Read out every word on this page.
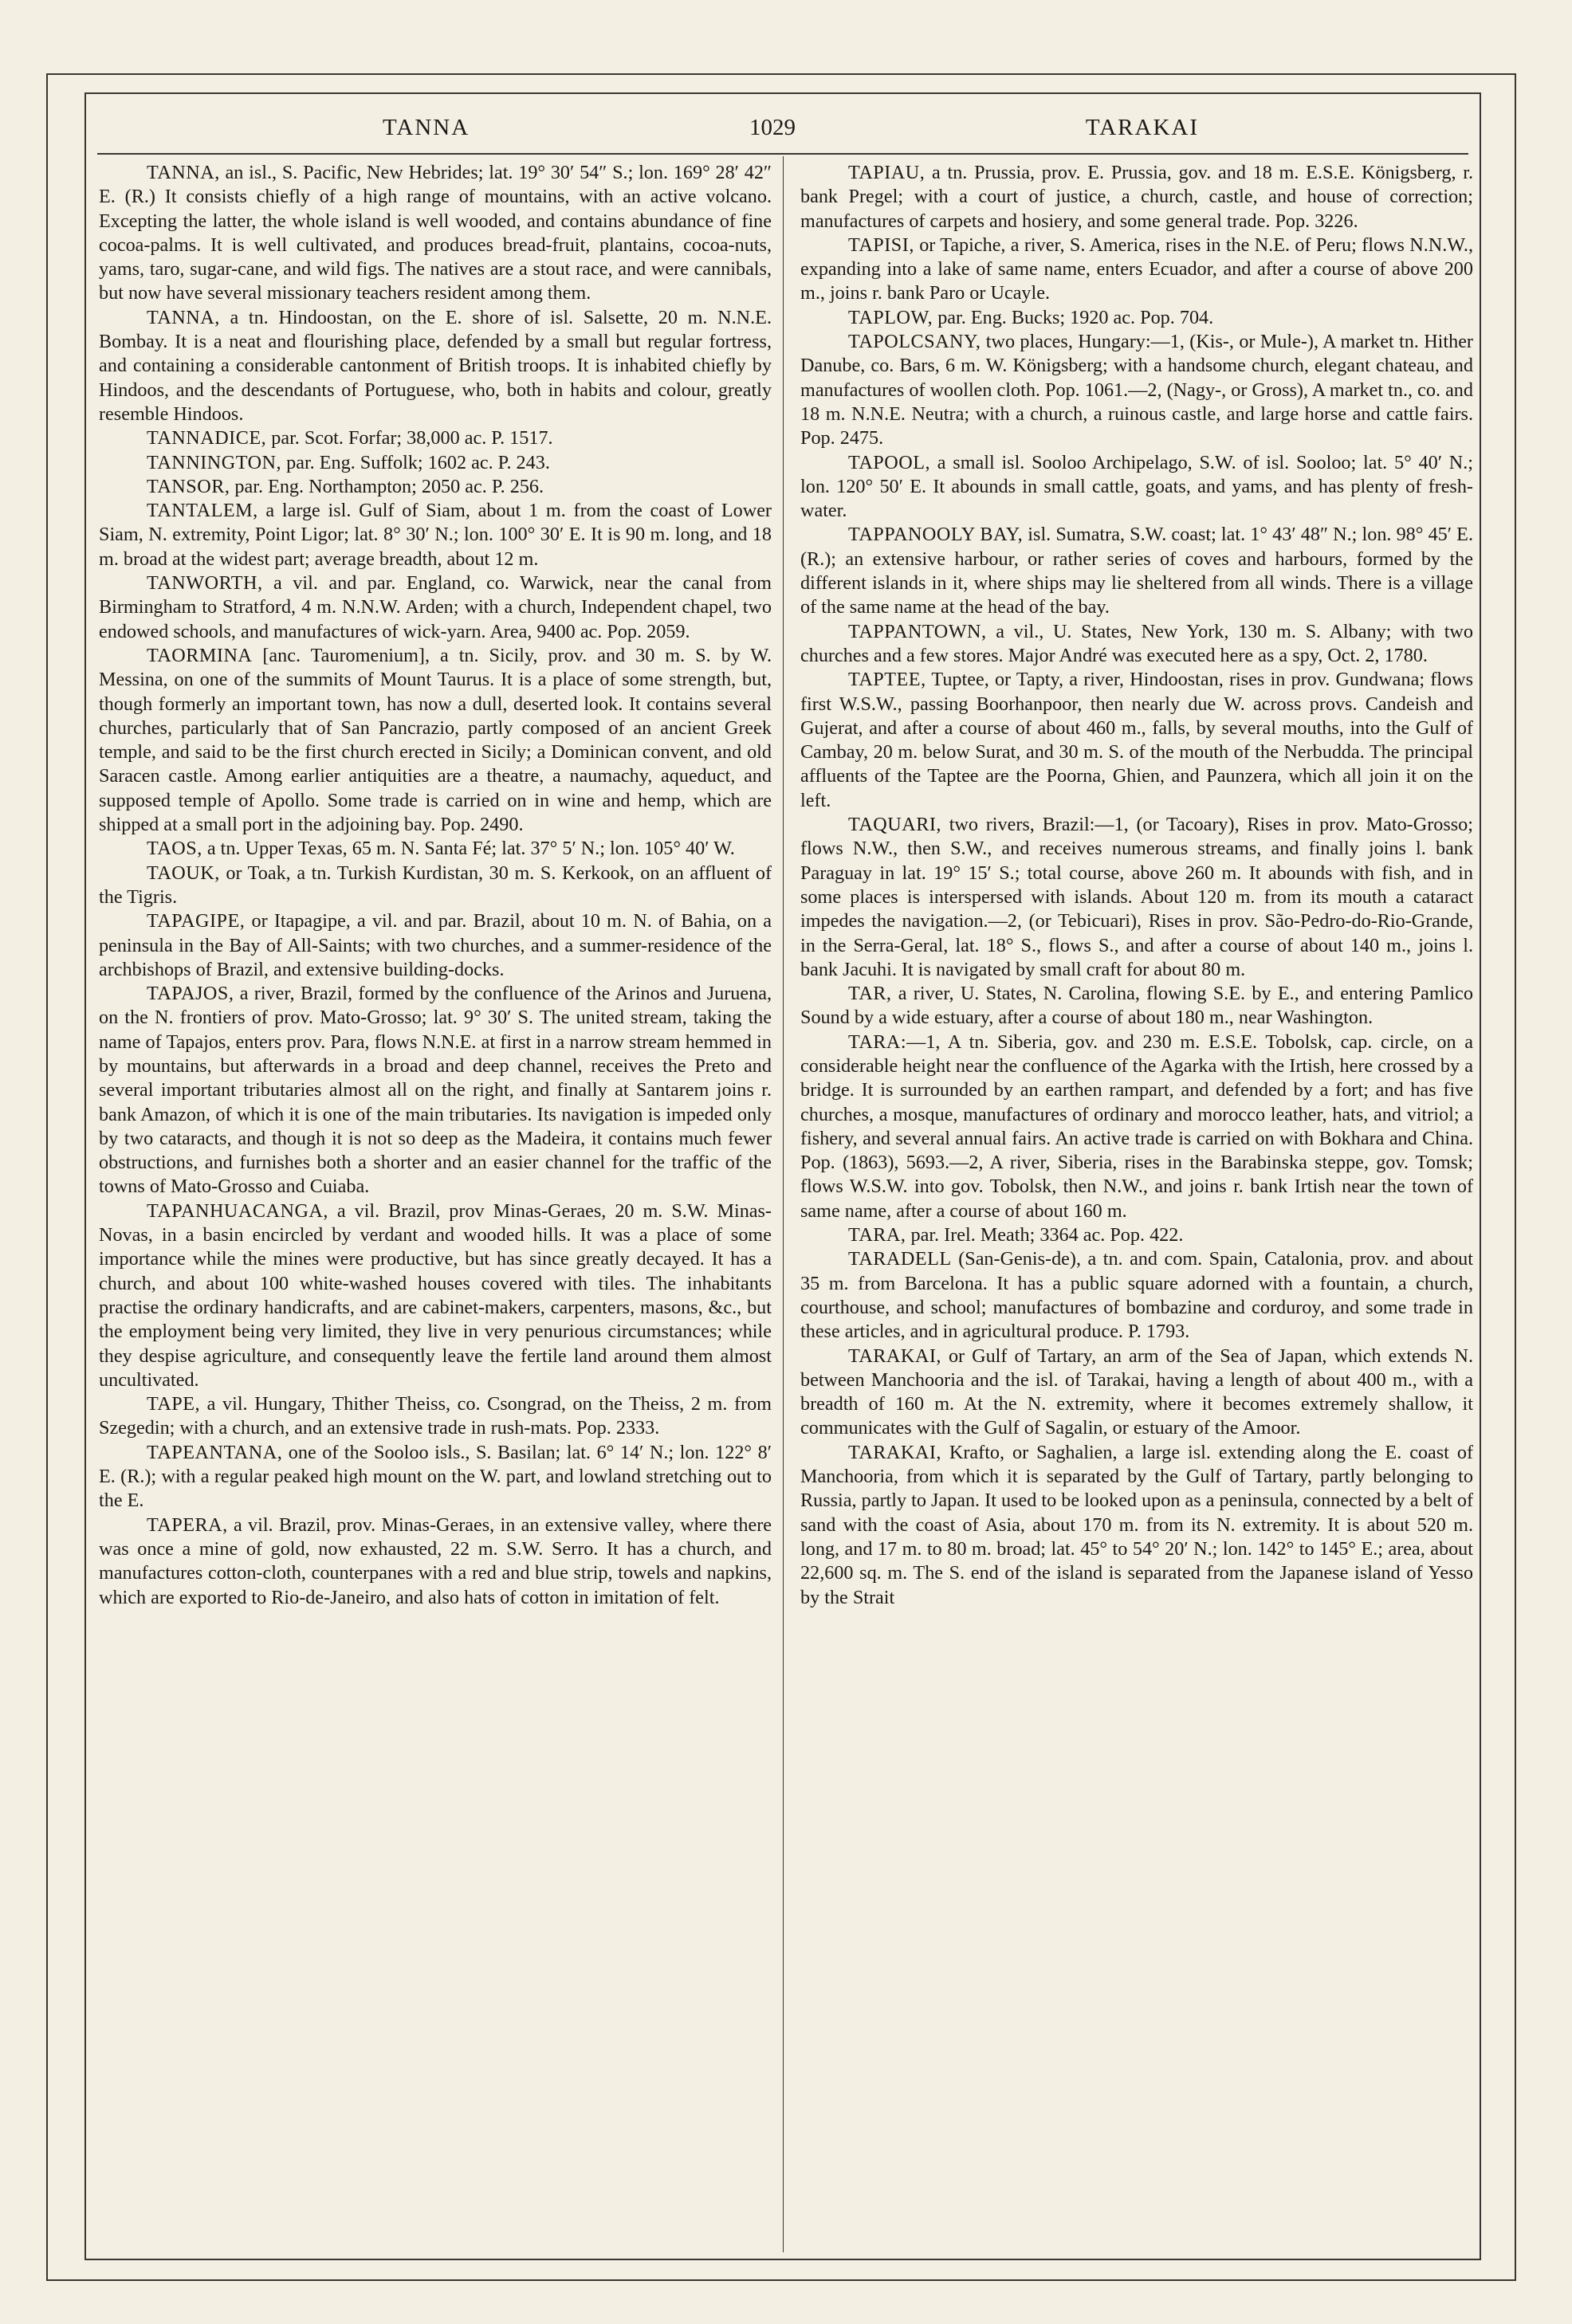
TANNA	1029	TARAKAI

TANNA, an isl., S. Pacific, New Hebrides; lat. 19° 30′ 54″ S.; lon. 169° 28′ 42″ E. (R.) It consists chiefly of a high range of mountains, with an active volcano. Excepting the latter, the whole island is well wooded, and contains abundance of fine cocoa-palms. It is well cultivated, and produces bread-fruit, plantains, cocoa-nuts, yams, taro, sugar-cane, and wild figs. The natives are a stout race, and were cannibals, but now have several missionary teachers resident among them.

TANNA, a tn. Hindoostan, on the E. shore of isl. Salsette, 20 m. N.N.E. Bombay. It is a neat and flourishing place, defended by a small but regular fortress, and containing a considerable cantonment of British troops. It is inhabited chiefly by Hindoos, and the descendants of Portuguese, who, both in habits and colour, greatly resemble Hindoos.

TANNADICE, par. Scot. Forfar; 38,000 ac. P. 1517.

TANNINGTON, par. Eng. Suffolk; 1602 ac. P. 243.

TANSOR, par. Eng. Northampton; 2050 ac. P. 256.

TANTALEM, a large isl. Gulf of Siam, about 1 m. from the coast of Lower Siam, N. extremity, Point Ligor; lat. 8° 30′ N.; lon. 100° 30′ E. It is 90 m. long, and 18 m. broad at the widest part; average breadth, about 12 m.

TANWORTH, a vil. and par. England, co. Warwick, near the canal from Birmingham to Stratford, 4 m. N.N.W. Arden; with a church, Independent chapel, two endowed schools, and manufactures of wick-yarn. Area, 9400 ac. Pop. 2059.

TAORMINA [anc. Tauromenium], a tn. Sicily, prov. and 30 m. S. by W. Messina, on one of the summits of Mount Taurus. It is a place of some strength, but, though formerly an important town, has now a dull, deserted look. It contains several churches, particularly that of San Pancrazio, partly composed of an ancient Greek temple, and said to be the first church erected in Sicily; a Dominican convent, and old Saracen castle. Among earlier antiquities are a theatre, a naumachy, aqueduct, and supposed temple of Apollo. Some trade is carried on in wine and hemp, which are shipped at a small port in the adjoining bay. Pop. 2490.

TAOS, a tn. Upper Texas, 65 m. N. Santa Fé; lat. 37° 5′ N.; lon. 105° 40′ W.

TAOUK, or Toak, a tn. Turkish Kurdistan, 30 m. S. Kerkook, on an affluent of the Tigris.

TAPAGIPE, or Itapagipe, a vil. and par. Brazil, about 10 m. N. of Bahia, on a peninsula in the Bay of All-Saints; with two churches, and a summer-residence of the archbishops of Brazil, and extensive building-docks.

TAPAJOS, a river, Brazil, formed by the confluence of the Arinos and Juruena, on the N. frontiers of prov. Mato-Grosso; lat. 9° 30′ S. The united stream, taking the name of Tapajos, enters prov. Para, flows N.N.E. at first in a narrow stream hemmed in by mountains, but afterwards in a broad and deep channel, receives the Preto and several important tributaries almost all on the right, and finally at Santarem joins r. bank Amazon, of which it is one of the main tributaries. Its navigation is impeded only by two cataracts, and though it is not so deep as the Madeira, it contains much fewer obstructions, and furnishes both a shorter and an easier channel for the traffic of the towns of Mato-Grosso and Cuiaba.

TAPANHUACANGA, a vil. Brazil, prov Minas-Geraes, 20 m. S.W. Minas-Novas, in a basin encircled by verdant and wooded hills. It was a place of some importance while the mines were productive, but has since greatly decayed. It has a church, and about 100 white-washed houses covered with tiles. The inhabitants practise the ordinary handicrafts, and are cabinet-makers, carpenters, masons, &c., but the employment being very limited, they live in very penurious circumstances; while they despise agriculture, and consequently leave the fertile land around them almost uncultivated.

TAPE, a vil. Hungary, Thither Theiss, co. Csongrad, on the Theiss, 2 m. from Szegedin; with a church, and an extensive trade in rush-mats. Pop. 2333.

TAPEANTANA, one of the Sooloo isls., S. Basilan; lat. 6° 14′ N.; lon. 122° 8′ E. (R.); with a regular peaked high mount on the W. part, and lowland stretching out to the E.

TAPERA, a vil. Brazil, prov. Minas-Geraes, in an extensive valley, where there was once a mine of gold, now exhausted, 22 m. S.W. Serro. It has a church, and manufactures cotton-cloth, counterpanes with a red and blue strip, towels and napkins, which are exported to Rio-de-Janeiro, and also hats of cotton in imitation of felt.

TAPIAU, a tn. Prussia, prov. E. Prussia, gov. and 18 m. E.S.E. Königsberg, r. bank Pregel; with a court of justice, a church, castle, and house of correction; manufactures of carpets and hosiery, and some general trade. Pop. 3226.

TAPISI, or Tapiche, a river, S. America, rises in the N.E. of Peru; flows N.N.W., expanding into a lake of same name, enters Ecuador, and after a course of above 200 m., joins r. bank Paro or Ucayle.

TAPLOW, par. Eng. Bucks; 1920 ac. Pop. 704.

TAPOLCSANY, two places, Hungary:—1, (Kis-, or Mule-), A market tn. Hither Danube, co. Bars, 6 m. W. Königsberg; with a handsome church, elegant chateau, and manufactures of woollen cloth. Pop. 1061.—2, (Nagy-, or Gross), A market tn., co. and 18 m. N.N.E. Neutra; with a church, a ruinous castle, and large horse and cattle fairs. Pop. 2475.

TAPOOL, a small isl. Sooloo Archipelago, S.W. of isl. Sooloo; lat. 5° 40′ N.; lon. 120° 50′ E. It abounds in small cattle, goats, and yams, and has plenty of fresh-water.

TAPPANOOLY BAY, isl. Sumatra, S.W. coast; lat. 1° 43′ 48″ N.; lon. 98° 45′ E. (R.); an extensive harbour, or rather series of coves and harbours, formed by the different islands in it, where ships may lie sheltered from all winds. There is a village of the same name at the head of the bay.

TAPPANTOWN, a vil., U. States, New York, 130 m. S. Albany; with two churches and a few stores. Major André was executed here as a spy, Oct. 2, 1780.

TAPTEE, Tuptee, or Tapty, a river, Hindoostan, rises in prov. Gundwana; flows first W.S.W., passing Boorhanpoor, then nearly due W. across provs. Candeish and Gujerat, and after a course of about 460 m., falls, by several mouths, into the Gulf of Cambay, 20 m. below Surat, and 30 m. S. of the mouth of the Nerbudda. The principal affluents of the Taptee are the Poorna, Ghien, and Paunzera, which all join it on the left.

TAQUARI, two rivers, Brazil:—1, (or Tacoary), Rises in prov. Mato-Grosso; flows N.W., then S.W., and receives numerous streams, and finally joins l. bank Paraguay in lat. 19° 15′ S.; total course, above 260 m. It abounds with fish, and in some places is interspersed with islands. About 120 m. from its mouth a cataract impedes the navigation.—2, (or Tebicuari), Rises in prov. São-Pedro-do-Rio-Grande, in the Serra-Geral, lat. 18° S., flows S., and after a course of about 140 m., joins l. bank Jacuhi. It is navigated by small craft for about 80 m.

TAR, a river, U. States, N. Carolina, flowing S.E. by E., and entering Pamlico Sound by a wide estuary, after a course of about 180 m., near Washington.

TARA:—1, A tn. Siberia, gov. and 230 m. E.S.E. Tobolsk, cap. circle, on a considerable height near the confluence of the Agarka with the Irtish, here crossed by a bridge. It is surrounded by an earthen rampart, and defended by a fort; and has five churches, a mosque, manufactures of ordinary and morocco leather, hats, and vitriol; a fishery, and several annual fairs. An active trade is carried on with Bokhara and China. Pop. (1863), 5693.—2, A river, Siberia, rises in the Barabinska steppe, gov. Tomsk; flows W.S.W. into gov. Tobolsk, then N.W., and joins r. bank Irtish near the town of same name, after a course of about 160 m.

TARA, par. Irel. Meath; 3364 ac. Pop. 422.

TARADELL (San-Genis-de), a tn. and com. Spain, Catalonia, prov. and about 35 m. from Barcelona. It has a public square adorned with a fountain, a church, courthouse, and school; manufactures of bombazine and corduroy, and some trade in these articles, and in agricultural produce. P. 1793.

TARAKAI, or Gulf of Tartary, an arm of the Sea of Japan, which extends N. between Manchooria and the isl. of Tarakai, having a length of about 400 m., with a breadth of 160 m. At the N. extremity, where it becomes extremely shallow, it communicates with the Gulf of Sagalin, or estuary of the Amoor.

TARAKAI, Krafto, or Saghalien, a large isl. extending along the E. coast of Manchooria, from which it is separated by the Gulf of Tartary, partly belonging to Russia, partly to Japan. It used to be looked upon as a peninsula, connected by a belt of sand with the coast of Asia, about 170 m. from its N. extremity. It is about 520 m. long, and 17 m. to 80 m. broad; lat. 45° to 54° 20′ N.; lon. 142° to 145° E.; area, about 22,600 sq. m. The S. end of the island is separated from the Japanese island of Yesso by the Strait
